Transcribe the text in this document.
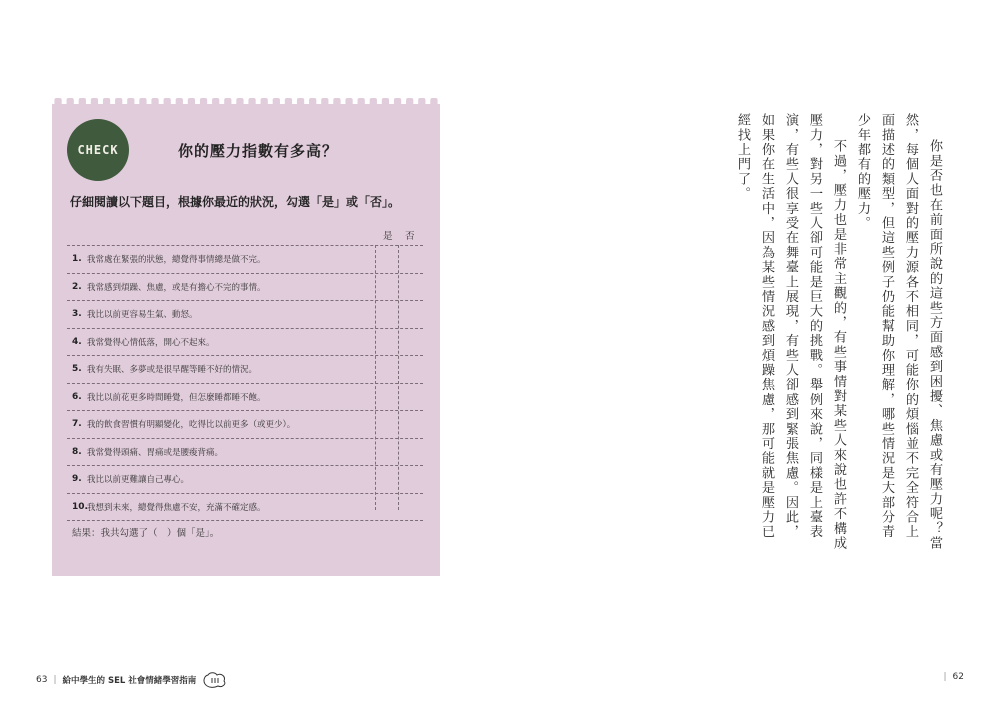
CHECK	你的壓力指數有多高？
仔細閱讀以下題目，根據你最近的狀況，勾選「是」或「否」。
是 否
1. 我常處在緊張的狀態，總覺得事情總是做不完。
2. 我常感到煩躁、焦慮，或是有擔心不完的事情。
3. 我比以前更容易生氣、動怒。
4. 我常覺得心情低落，開心不起來。
5. 我有失眠、多夢或是很早醒等睡不好的情況。
6. 我比以前花更多時間睡覺，但怎麼睡都睡不飽。
7. 我的飲食習慣有明顯變化，吃得比以前更多（或更少）。
8. 我常覺得頭痛、胃痛或是腰痠背痛。
9. 我比以前更難讓自己專心。
10. 我想到未來，總覺得焦慮不安，充滿不確定感。
結果：我共勾選了（　）個「是」。	你是否也在前面所說的這些方面感到困擾、焦慮或有壓力呢？當然，每個人面對的壓力源各不相同，可能你的煩惱並不完全符合上面描述的類型，但這些例子仍能幫助你理解，哪些情況是大部分青少年都有的壓力。

不過，壓力也是非常主觀的，有些事情對某些人來說也許不構成壓力，對另一些人卻可能是巨大的挑戰。舉例來說，同樣是上臺表演，有些人很享受在舞臺上展現，有些人卻感到緊張焦慮。因此，如果你在生活中，因為某些情況感到煩躁焦慮，那可能就是壓力已經找上門了。

63 | 給中學生的 SEL 社會情緒學習指南	| 62
